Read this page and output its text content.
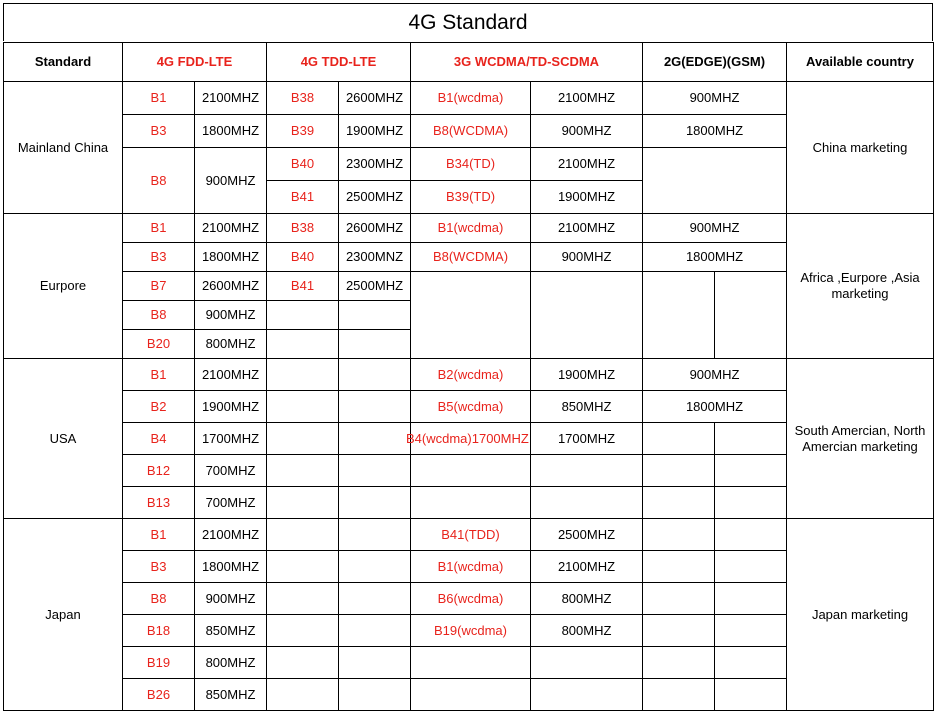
4G Standard
Standard	4G FDD-LTE		4G TDD-LTE		3G WCDMA/TD-SCDMA		2G(EDGE)(GSM)		Available country
Mainland China	B1	2100MHZ	B38	2600MHZ	B1(wcdma)	2100MHZ	900MHZ		China marketing
	B3	1800MHZ	B39	1900MHZ	B8(WCDMA)	900MHZ	1800MHZ		
	B8	900MHZ	B40	2300MHZ	B34(TD)	2100MHZ			
			B41	2500MHZ	B39(TD)	1900MHZ			
Eurpore	B1	2100MHZ	B38	2600MHZ	B1(wcdma)	2100MHZ	900MHZ		Africa ,Eurpore ,Asia marketing
	B3	1800MHZ	B40	2300MNZ	B8(WCDMA)	900MHZ	1800MHZ		
	B7	2600MHZ	B41	2500MHZ					
	B8	900MHZ							
	B20	800MHZ							
USA	B1	2100MHZ			B2(wcdma)	1900MHZ	900MHZ		South Amercian, North Amercian marketing
	B2	1900MHZ			B5(wcdma)	850MHZ	1800MHZ		
	B4	1700MHZ			B4(wcdma)1700MHZ	1700MHZ			
	B12	700MHZ							
	B13	700MHZ							
Japan	B1	2100MHZ			B41(TDD)	2500MHZ			Japan marketing
	B3	1800MHZ			B1(wcdma)	2100MHZ			
	B8	900MHZ			B6(wcdma)	800MHZ			
	B18	850MHZ			B19(wcdma)	800MHZ			
	B19	800MHZ							
	B26	850MHZ							
